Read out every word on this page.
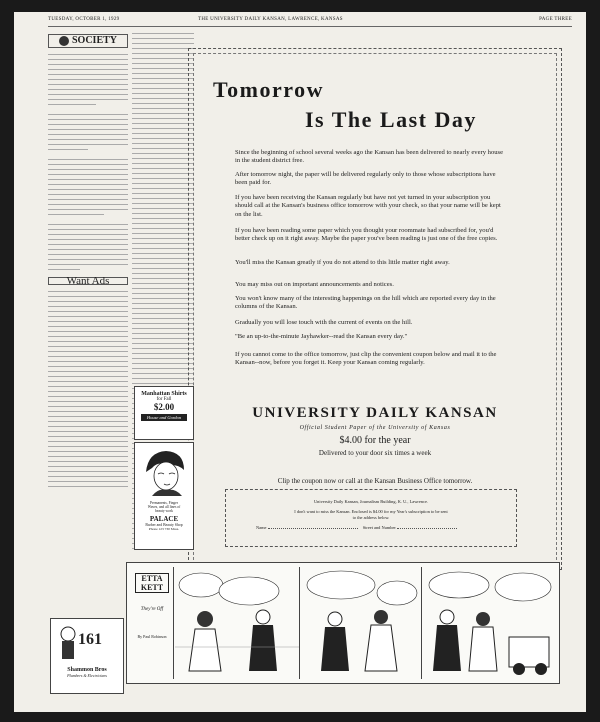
TUESDAY, OCTOBER 1, 1929	THE UNIVERSITY DAILY KANSAN, LAWRENCE, KANSAS	PAGE THREE
SOCIETY
Want Ads
Tomorrow
Is The Last Day
Since the beginning of school several weeks ago the Kansan has been delivered to nearly every house in the student district free.
After tomorrow night, the paper will be delivered regularly only to those whose subscriptions have been paid for.
If you have been receiving the Kansan regularly but have not yet turned in your subscription you should call at the Kansan's business office tomorrow with your check, so that your name will be kept on the list.
If you have been reading some paper which you thought your roommate had subscribed for, you'd better check up on it right away. Maybe the paper you've been reading is just one of the free copies.
You'll miss the Kansan greatly if you do not attend to this little matter right away.
You may miss out on important announcements and notices.
You won't know many of the interesting happenings on the hill which are reported every day in the columns of the Kansan.
Gradually you will lose touch with the current of events on the hill.
"Be an up-to-the-minute Jayhawker--read the Kansan every day."
If you cannot come to the office tomorrow, just clip the convenient coupon below and mail it to the Kansan--now, before you forget it. Keep your Kansan coming regularly.
UNIVERSITY DAILY KANSAN
Official Student Paper of the University of Kansas
$4.00 for the year
Delivered to your door six times a week
Clip the coupon now or call at the Kansan Business Office tomorrow.
University Daily Kansan, Journalism Building, K. U., Lawrence.
I don't want to miss the Kansan. Enclosed is $4.00 for my Year's subscription to be sent
to the address below.
Name	Street and Number
Manhattan Shirts
for Fall
$2.00
House and Gordon
Permanents, Finger
Waves, and all lines of
beauty work
PALACE
Barber and Beauty Shop
Phone 123 730 Mass.
161
Shammon Bros
Plumbers & Electricians
ETTA
KETT
They're Off
By Paul Robinson
